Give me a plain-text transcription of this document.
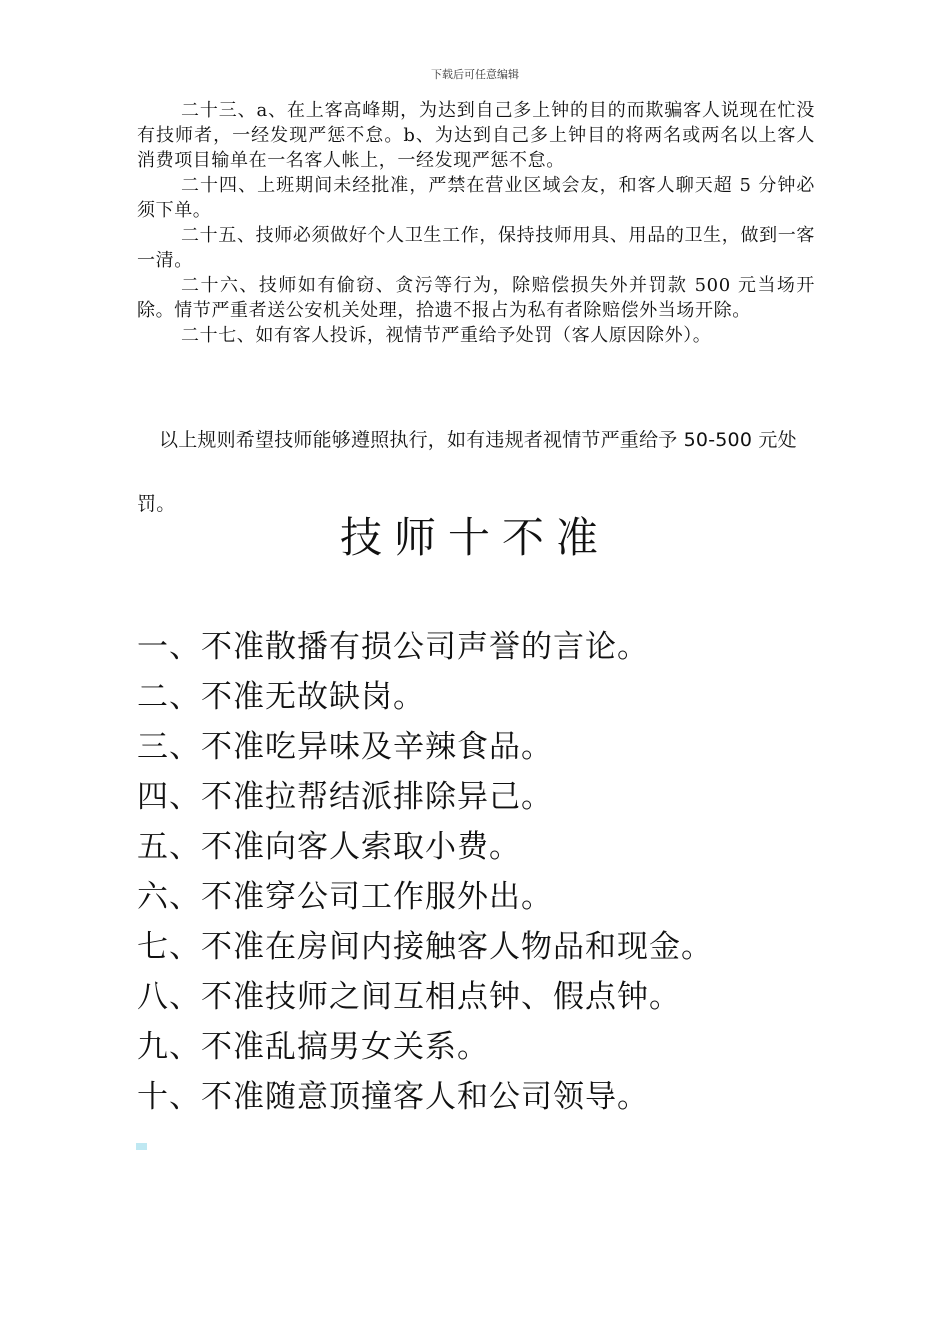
下载后可任意编辑

二十三、a、在上客高峰期，为达到自己多上钟的目的而欺骗客人说现在忙没有技师者，一经发现严惩不怠。b、为达到自己多上钟目的将两名或两名以上客人消费项目输单在一名客人帐上，一经发现严惩不怠。

二十四、上班期间未经批准，严禁在营业区域会友，和客人聊天超 5 分钟必须下单。

二十五、技师必须做好个人卫生工作，保持技师用具、用品的卫生，做到一客一清。

二十六、技师如有偷窃、贪污等行为，除赔偿损失外并罚款 500 元当场开除。情节严重者送公安机关处理，拾遗不报占为私有者除赔偿外当场开除。

二十七、如有客人投诉，视情节严重给予处罚（客人原因除外）。

以上规则希望技师能够遵照执行，如有违规者视情节严重给予 50-500 元处罚。

技师十不准
一、不准散播有损公司声誉的言论。
二、不准无故缺岗。
三、不准吃异味及辛辣食品。
四、不准拉帮结派排除异己。
五、不准向客人索取小费。
六、不准穿公司工作服外出。
七、不准在房间内接触客人物品和现金。
八、不准技师之间互相点钟、假点钟。
九、不准乱搞男女关系。
十、不准随意顶撞客人和公司领导。
